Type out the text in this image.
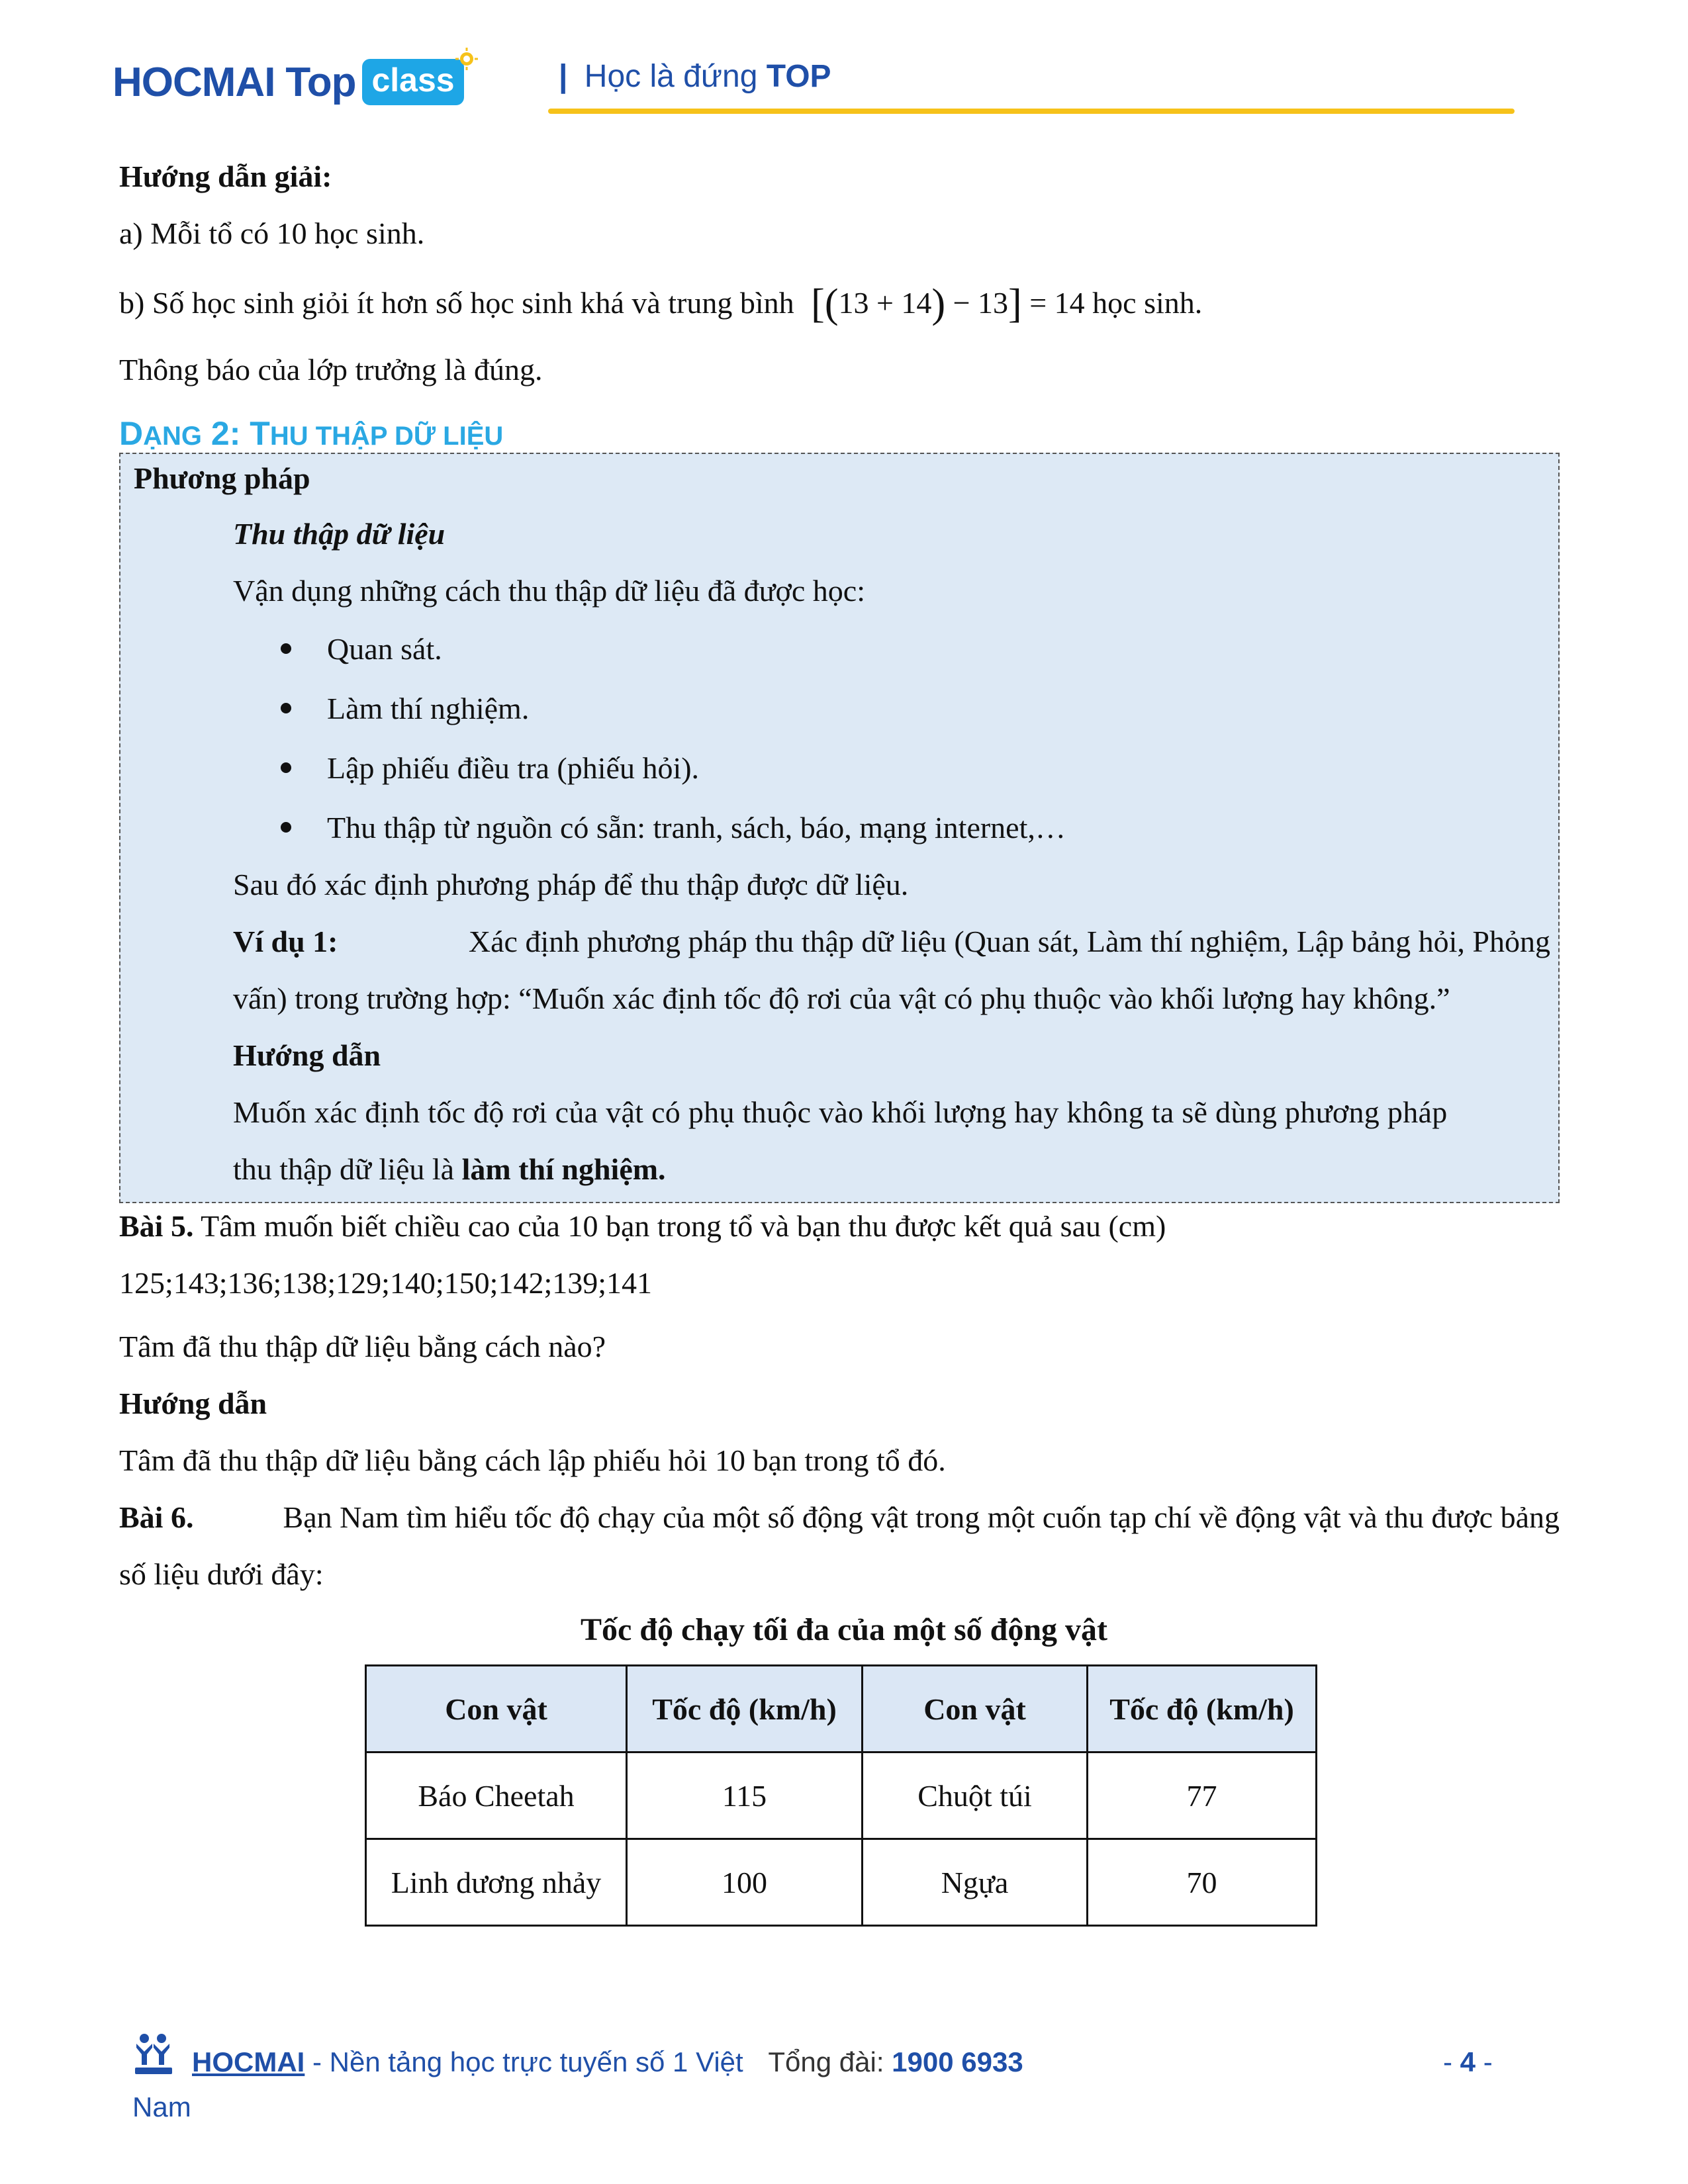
HOCMAI Top class	| Học là đứng TOP
Hướng dẫn giải:
a) Mỗi tổ có 10 học sinh.
b) Số học sinh giỏi ít hơn số học sinh khá và trung bình [(13 + 14) − 13] = 14 học sinh.
Thông báo của lớp trưởng là đúng.
DẠNG 2: THU THẬP DỮ LIỆU
Phương pháp
Thu thập dữ liệu
Vận dụng những cách thu thập dữ liệu đã được học:
Quan sát.
Làm thí nghiệm.
Lập phiếu điều tra (phiếu hỏi).
Thu thập từ nguồn có sẵn: tranh, sách, báo, mạng internet,…
Sau đó xác định phương pháp để thu thập được dữ liệu.
Ví dụ 1:	Xác định phương pháp thu thập dữ liệu (Quan sát, Làm thí nghiệm, Lập bảng hỏi, Phỏng
vấn) trong trường hợp: “Muốn xác định tốc độ rơi của vật có phụ thuộc vào khối lượng hay không.”
Hướng dẫn
Muốn xác định tốc độ rơi của vật có phụ thuộc vào khối lượng hay không ta sẽ dùng phương pháp
thu thập dữ liệu là làm thí nghiệm.
Bài 5. Tâm muốn biết chiều cao của 10 bạn trong tổ và bạn thu được kết quả sau (cm)
125;143;136;138;129;140;150;142;139;141
Tâm đã thu thập dữ liệu bằng cách nào?
Hướng dẫn
Tâm đã thu thập dữ liệu bằng cách lập phiếu hỏi 10 bạn trong tổ đó.
Bài 6.	Bạn Nam tìm hiểu tốc độ chạy của một số động vật trong một cuốn tạp chí về động vật và thu được bảng
số liệu dưới đây:
Tốc độ chạy tối đa của một số động vật
Con vật	Tốc độ (km/h)	Con vật	Tốc độ (km/h)
Báo Cheetah	115	Chuột túi	77
Linh dương nhảy	100	Ngựa	70
HOCMAI - Nền tảng học trực tuyến số 1 Việt Tổng đài: 1900 6933
Nam
- 4 -
